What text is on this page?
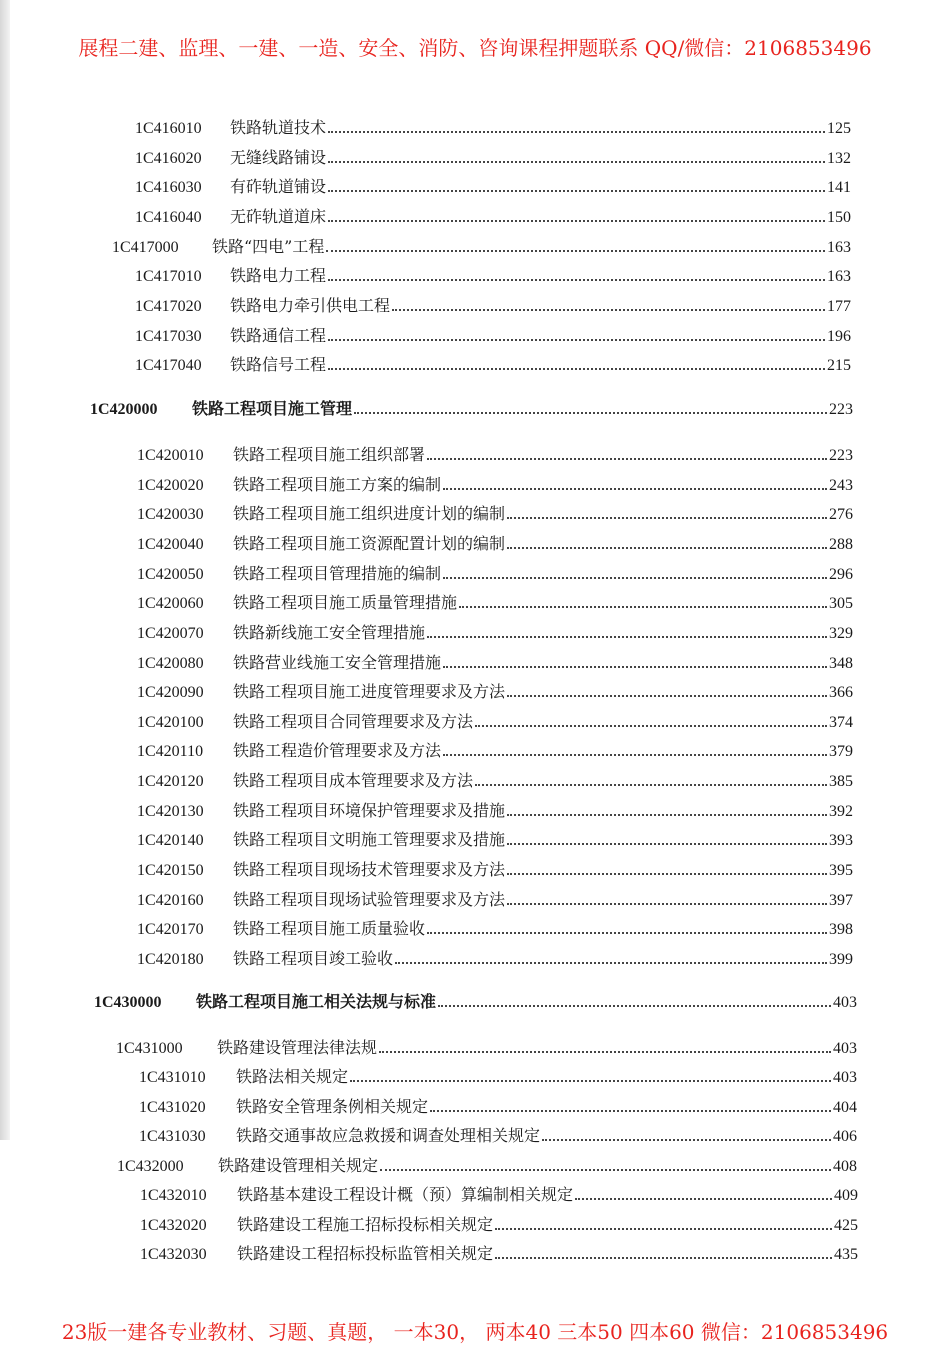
展程二建、监理、一建、一造、安全、消防、咨询课程押题联系 QQ/微信：2106853496
1C416010	铁路轨道技术	125
1C416020	无缝线路铺设	132
1C416030	有砟轨道铺设	141
1C416040	无砟轨道道床	150
1C417000	铁路“四电”工程	163
1C417010	铁路电力工程	163
1C417020	铁路电力牵引供电工程	177
1C417030	铁路通信工程	196
1C417040	铁路信号工程	215
1C420000	铁路工程项目施工管理	223
1C420010	铁路工程项目施工组织部署	223
1C420020	铁路工程项目施工方案的编制	243
1C420030	铁路工程项目施工组织进度计划的编制	276
1C420040	铁路工程项目施工资源配置计划的编制	288
1C420050	铁路工程项目管理措施的编制	296
1C420060	铁路工程项目施工质量管理措施	305
1C420070	铁路新线施工安全管理措施	329
1C420080	铁路营业线施工安全管理措施	348
1C420090	铁路工程项目施工进度管理要求及方法	366
1C420100	铁路工程项目合同管理要求及方法	374
1C420110	铁路工程造价管理要求及方法	379
1C420120	铁路工程项目成本管理要求及方法	385
1C420130	铁路工程项目环境保护管理要求及措施	392
1C420140	铁路工程项目文明施工管理要求及措施	393
1C420150	铁路工程项目现场技术管理要求及方法	395
1C420160	铁路工程项目现场试验管理要求及方法	397
1C420170	铁路工程项目施工质量验收	398
1C420180	铁路工程项目竣工验收	399
1C430000	铁路工程项目施工相关法规与标准	403
1C431000	铁路建设管理法律法规	403
1C431010	铁路法相关规定	403
1C431020	铁路安全管理条例相关规定	404
1C431030	铁路交通事故应急救援和调查处理相关规定	406
1C432000	铁路建设管理相关规定	408
1C432010	铁路基本建设工程设计概（预）算编制相关规定	409
1C432020	铁路建设工程施工招标投标相关规定	425
1C432030	铁路建设工程招标投标监管相关规定	435
23版一建各专业教材、习题、真题， 一本30， 两本40 三本50 四本60 微信：2106853496
